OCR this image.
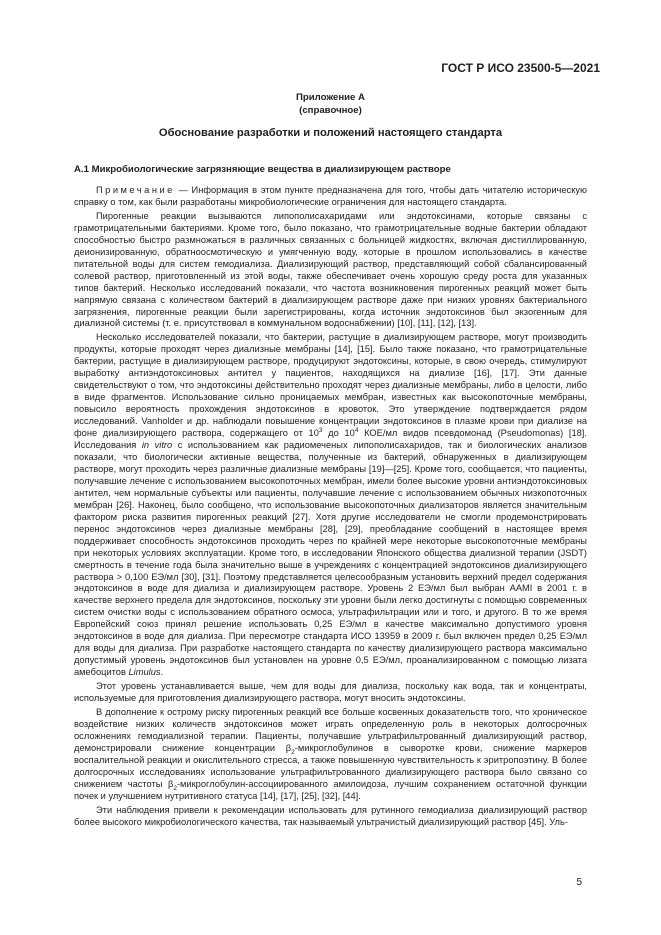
ГОСТ Р ИСО 23500-5—2021
Приложение А
(справочное)
Обоснование разработки и положений настоящего стандарта
А.1 Микробиологические загрязняющие вещества в диализирующем растворе

Примечание — Информация в этом пункте предназначена для того, чтобы дать читателю историческую справку о том, как были разработаны микробиологические ограничения для настоящего стандарта.

Пирогенные реакции вызываются липополисахаридами или эндотоксинами, которые связаны с грамотрицательными бактериями. Кроме того, было показано, что грамотрицательные водные бактерии обладают способностью быстро размножаться в различных связанных с больницей жидкостях, включая дистиллированную, деионизированную, обратноосмотическую и умягченную воду, которые в прошлом использовались в качестве питательной воды для систем гемодиализа. Диализирующий раствор, представляющий собой сбалансированный солевой раствор, приготовленный из этой воды, также обеспечивает очень хорошую среду роста для указанных типов бактерий. Несколько исследований показали, что частота возникновения пирогенных реакций может быть напрямую связана с количеством бактерий в диализирующем растворе даже при низких уровнях бактериального загрязнения, пирогенные реакции были зарегистрированы, когда источник эндотоксинов был экзогенным для диализной системы (т. е. присутствовал в коммунальном водоснабжении) [10], [11], [12], [13].

Несколько исследователей показали, что бактерии, растущие в диализирующем растворе, могут производить продукты, которые проходят через диализные мембраны [14], [15]. Было также показано, что грамотрицательные бактерии, растущие в диализирующем растворе, продуцируют эндотоксины, которые, в свою очередь, стимулируют выработку антиэндотоксиновых антител у пациентов, находящихся на диализе [16], [17]. Эти данные свидетельствуют о том, что эндотоксины действительно проходят через диализные мембраны, либо в целости, либо в виде фрагментов. Использование сильно проницаемых мембран, известных как высокопоточные мембраны, повысило вероятность прохождения эндотоксинов в кровоток. Это утверждение подтверждается рядом исследований. Vanholder и др. наблюдали повышение концентрации эндотоксинов в плазме крови при диализе на фоне диализирующего раствора, содержащего от $10^3$ до $10^4$ КОЕ/мл видов псевдомонад (Pseudomonas) [18]. Исследования in vitro с использованием как радиомеченых липополисахаридов, так и биологических анализов показали, что биологически активные вещества, полученные из бактерий, обнаруженных в диализирующем растворе, могут проходить через различные диализные мембраны [19]—[25]. Кроме того, сообщается, что пациенты, получавшие лечение с использованием высокопоточных мембран, имели более высокие уровни антиэндотоксиновых антител, чем нормальные субъекты или пациенты, получавшие лечение с использованием обычных низкопоточных мембран [26]. Наконец, было сообщено, что использование высокопоточных диализаторов является значительным фактором риска развития пирогенных реакций [27]. Хотя другие исследователи не смогли продемонстрировать перенос эндотоксинов через диализные мембраны [28], [29], преобладание сообщений в настоящее время поддерживает способность эндотоксинов проходить через по крайней мере некоторые высокопоточные мембраны при некоторых условиях эксплуатации. Кроме того, в исследовании Японского общества диализной терапии (JSDT) смертность в течение года была значительно выше в учреждениях с концентрацией эндотоксинов диализирующего раствора > 0,100 ЕЭ/мл [30], [31]. Поэтому представляется целесообразным установить верхний предел содержания эндотоксинов в воде для диализа и диализирующем растворе. Уровень 2 ЕЭ/мл был выбран AAMI в 2001 г. в качестве верхнего предела для эндотоксинов, поскольку эти уровни были легко достигнуты с помощью современных систем очистки воды с использованием обратного осмоса, ультрафильтрации или и того, и другого. В то же время Европейский союз принял решение использовать 0,25 ЕЭ/мл в качестве максимально допустимого уровня эндотоксинов в воде для диализа. При пересмотре стандарта ИСО 13959 в 2009 г. был включен предел 0,25 ЕЭ/мл для воды для диализа. При разработке настоящего стандарта по качеству диализирующего раствора максимально допустимый уровень эндотоксинов был установлен на уровне 0,5 ЕЭ/мл, проанализированном с помощью лизата амебоцитов Limulus.

Этот уровень устанавливается выше, чем для воды для диализа, поскольку как вода, так и концентраты, используемые для приготовления диализирующего раствора, могут вносить эндотоксины.

В дополнение к острому риску пирогенных реакций все больше косвенных доказательств того, что хроническое воздействие низких количеств эндотоксинов может играть определенную роль в некоторых долгосрочных осложнениях гемодиализной терапии. Пациенты, получавшие ультрафильтрованный диализирующий раствор, демонстрировали снижение концентрации $\beta_2$-микроглобулинов в сыворотке крови, снижение маркеров воспалительной реакции и окислительного стресса, а также повышенную чувствительность к эритропоэтину. В более долгосрочных исследованиях использование ультрафильтрованного диализирующего раствора было связано со снижением частоты $\beta_2-микроглобулин$-ассоциированного амилоидоза, лучшим сохранением остаточной функции почек и улучшением нутритивного статуса [14], [17], [25], [32], [44].

Эти наблюдения привели к рекомендации использовать для рутинного гемодиализа диализирующий раствор более высокого микробиологического качества, так называемый ультрачистый диализирующий раствор [45]. Уль-

5
